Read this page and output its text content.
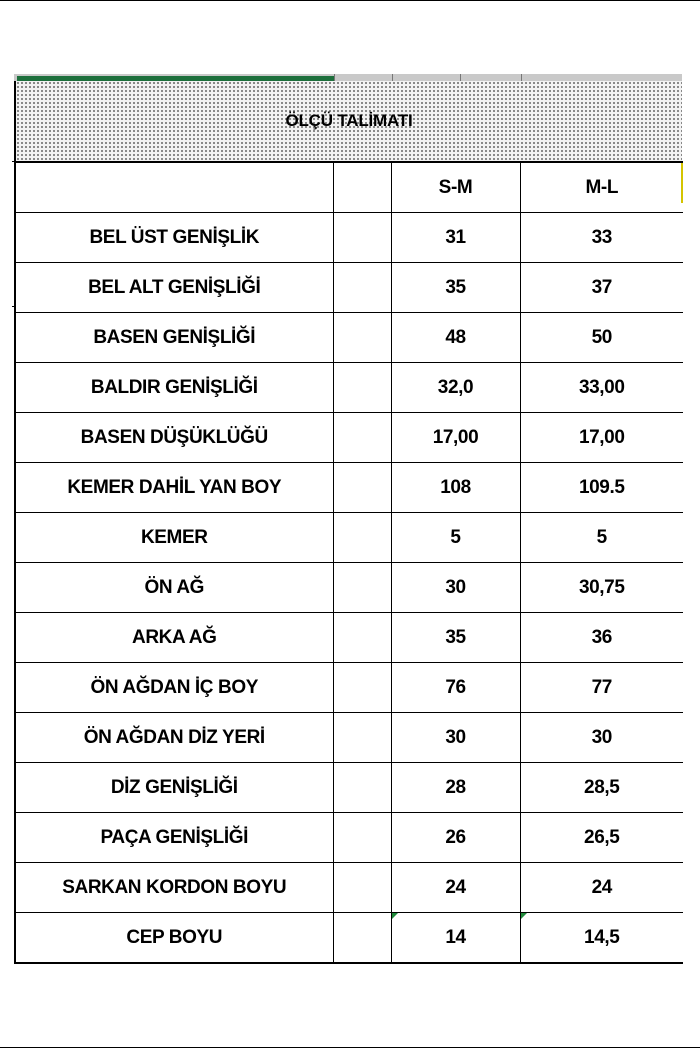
ÖLÇÜ TALİMATI
		S-M	M-L

BEL ÜST GENİŞLİK		31	33
BEL ALT GENİŞLİĞİ		35	37
BASEN GENİŞLİĞİ		48	50
BALDIR GENİŞLİĞİ		32,0	33,00
BASEN DÜŞÜKLÜĞÜ		17,00	17,00
KEMER DAHİL YAN BOY		108	109.5
KEMER		5	5
ÖN AĞ		30	30,75
ARKA AĞ		35	36
ÖN AĞDAN İÇ BOY		76	77
ÖN AĞDAN DİZ YERİ		30	30
DİZ GENİŞLİĞİ		28	28,5
PAÇA GENİŞLİĞİ		26	26,5
SARKAN KORDON BOYU		24	24
CEP BOYU		14	14,5
